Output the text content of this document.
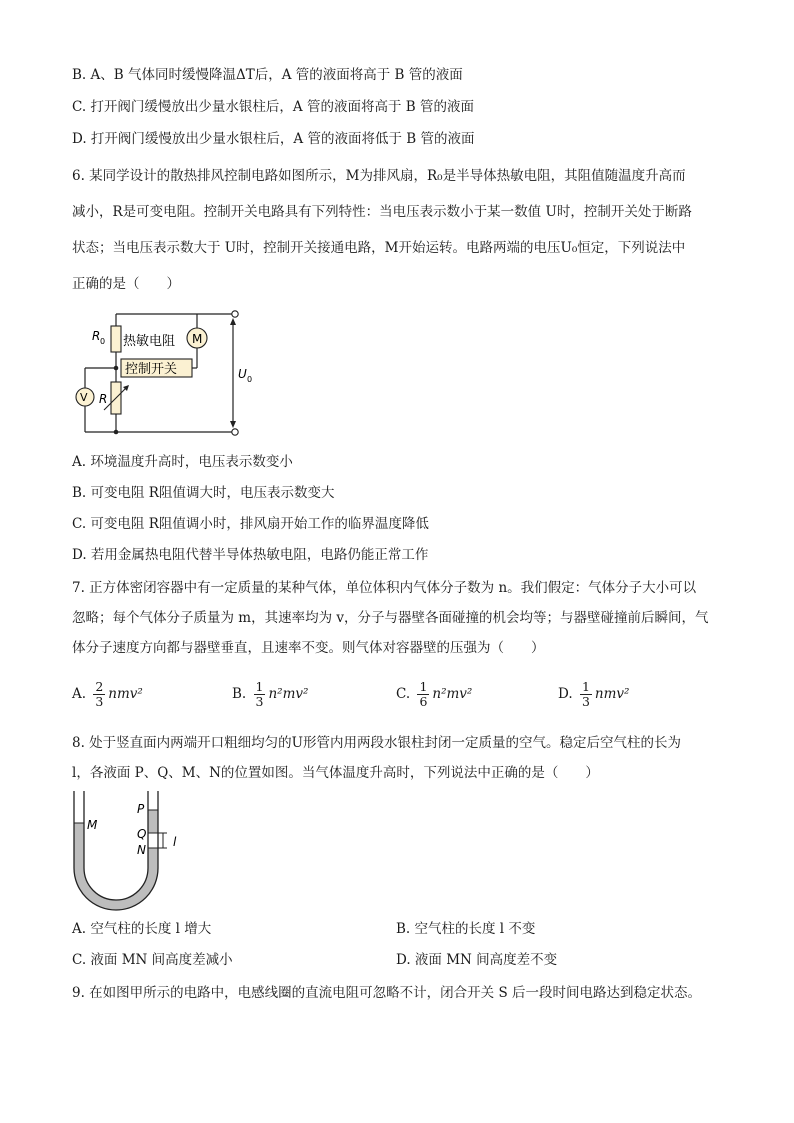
B. A、B 气体同时缓慢降温ΔT后，A 管的液面将高于 B 管的液面
C. 打开阀门缓慢放出少量水银柱后，A 管的液面将高于 B 管的液面
D. 打开阀门缓慢放出少量水银柱后，A 管的液面将低于 B 管的液面
6. 某同学设计的散热排风控制电路如图所示，M为排风扇，R₀是半导体热敏电阻，其阻值随温度升高而
减小，R是可变电阻。控制开关电路具有下列特性：当电压表示数小于某一数值 U时，控制开关处于断路
状态；当电压表示数大于 U时，控制开关接通电路，M开始运转。电路两端的电压U₀恒定，下列说法中
正确的是（　　）
R 0 热敏电阻 M
控制开关
V R
U 0
A. 环境温度升高时，电压表示数变小
B. 可变电阻 R阻值调大时，电压表示数变大
C. 可变电阻 R阻值调小时，排风扇开始工作的临界温度降低
D. 若用金属热电阻代替半导体热敏电阻，电路仍能正常工作
7. 正方体密闭容器中有一定质量的某种气体，单位体积内气体分子数为 n。我们假定：气体分子大小可以
忽略；每个气体分子质量为 m，其速率均为 v，分子与器壁各面碰撞的机会均等；与器壁碰撞前后瞬间，气
体分子速度方向都与器壁垂直，且速率不变。则气体对容器壁的压强为（　　）
A. $\frac{2}{3} nmv^2$	B. $\frac{1}{3} n^2mv^2$	C. $\frac{1}{6} n^2mv^2$	D. $\frac{1}{3} nmv^2$
8. 处于竖直面内两端开口粗细均匀的U形管内用两段水银柱封闭一定质量的空气。稳定后空气柱的长为
l，各液面 P、Q、M、N的位置如图。当气体温度升高时，下列说法中正确的是（　　）
M
P
Q
N
l
A. 空气柱的长度 l 增大	B. 空气柱的长度 l 不变
C. 液面 MN 间高度差减小	D. 液面 MN 间高度差不变
9. 在如图甲所示的电路中，电感线圈的直流电阻可忽略不计，闭合开关 S 后一段时间电路达到稳定状态。
